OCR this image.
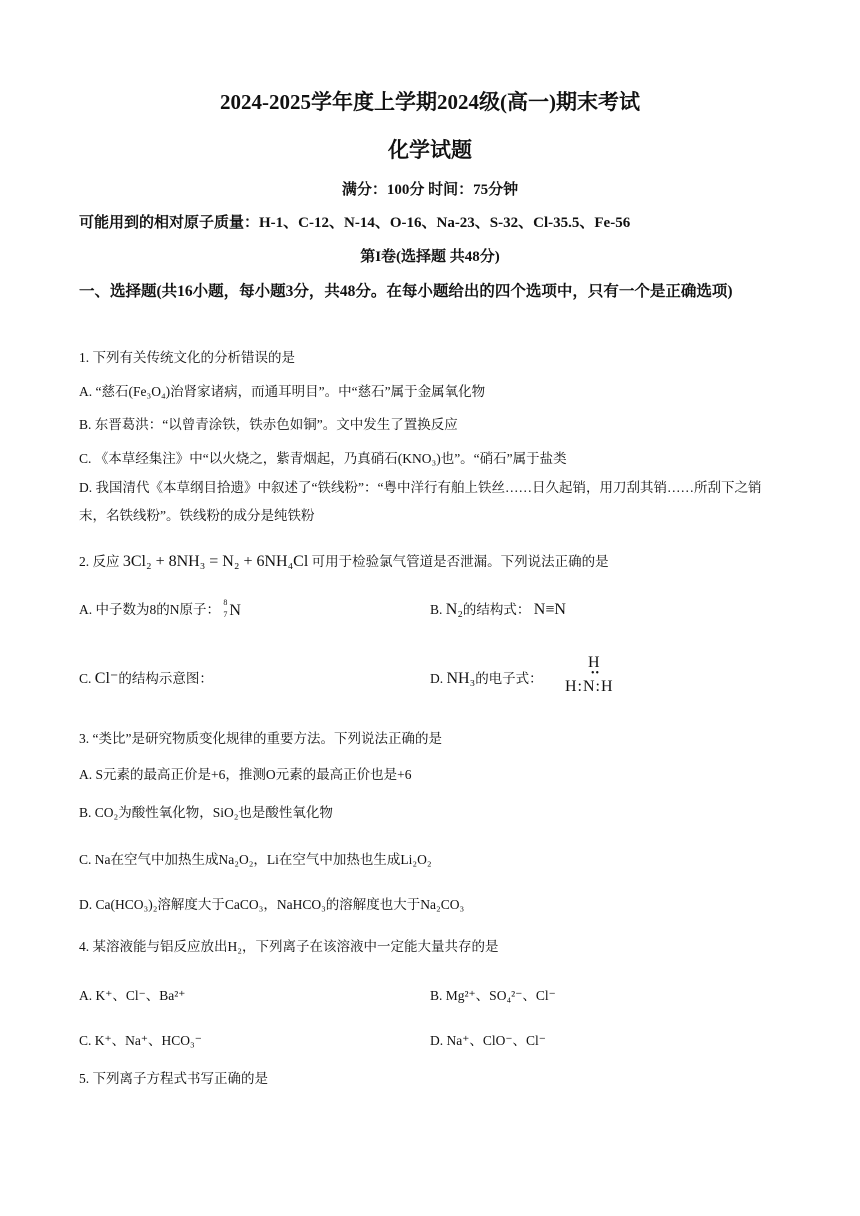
2024-2025学年度上学期2024级(高一)期末考试
化学试题
满分：100分 时间：75分钟
可能用到的相对原子质量：H-1、C-12、N-14、O-16、Na-23、S-32、Cl-35.5、Fe-56
第I卷(选择题 共48分)
一、选择题(共16小题，每小题3分，共48分。在每小题给出的四个选项中，只有一个是正确选项)
1. 下列有关传统文化的分析错误的是
A. “慈石(Fe₃O₄)治肾家诸病，而通耳明目”。中“慈石”属于金属氧化物
B. 东晋葛洪：“以曾青涂铁，铁赤色如铜”。文中发生了置换反应
C. 《本草经集注》中“以火烧之，紫青烟起，乃真硝石(KNO₃)也”。“硝石”属于盐类
D. 我国清代《本草纲目拾遗》中叙述了“铁线粉”：“粤中洋行有舶上铁丝……日久起销，用刀刮其销……所刮下之销末，名铁线粉”。铁线粉的成分是纯铁粉
2. 反应 3Cl₂ + 8NH₃ = N₂ + 6NH₄Cl 可用于检验氯气管道是否泄漏。下列说法正确的是
A. 中子数为8的N原子： 8
7 N	B. N₂的结构式： N≡N
C. Cl⁻的结构示意图：	D. NH₃的电子式：
H
••
H:N:H
3. “类比”是研究物质变化规律的重要方法。下列说法正确的是
A. S元素的最高正价是+6，推测O元素的最高正价也是+6
B. CO₂为酸性氧化物，SiO₂也是酸性氧化物
C. Na在空气中加热生成Na₂O₂，Li在空气中加热也生成Li₂O₂
D. Ca(HCO₃)₂溶解度大于CaCO₃，NaHCO₃的溶解度也大于Na₂CO₃
4. 某溶液能与铝反应放出H₂，下列离子在该溶液中一定能大量共存的是
A. K⁺、Cl⁻、Ba²⁺	B. Mg²⁺、SO₄²⁻、Cl⁻
C. K⁺、Na⁺、HCO₃⁻	D. Na⁺、ClO⁻、Cl⁻
5. 下列离子方程式书写正确的是
